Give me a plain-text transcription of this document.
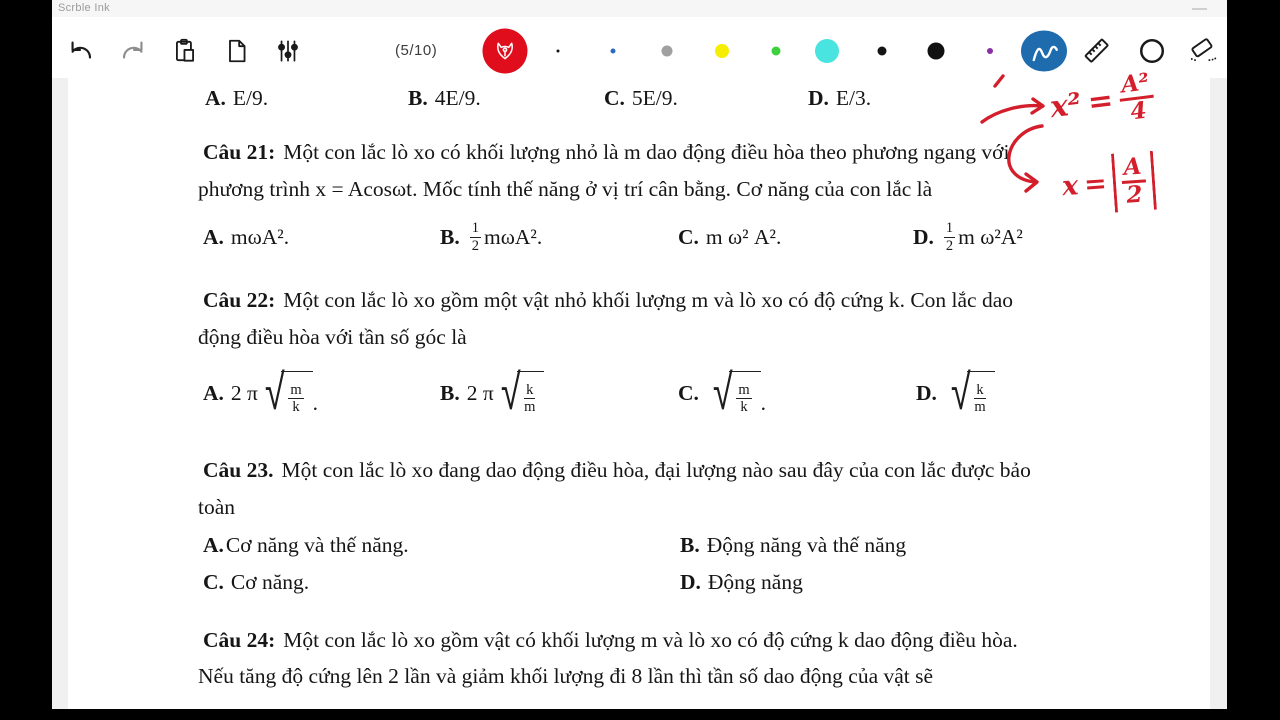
Scrble Ink
(5/10)
A. E/9.	B. 4E/9.	C. 5E/9.	D. E/3.
Câu 21: Một con lắc lò xo có khối lượng nhỏ là m dao động điều hòa theo phương ngang với
phương trình x = Acosωt. Mốc tính thế năng ở vị trí cân bằng. Cơ năng của con lắc là
A. mωA².	B. 1
2 mωA².	C. m ω² A².	D. 1
2 m ω²A²
Câu 22: Một con lắc lò xo gồm một vật nhỏ khối lượng m và lò xo có độ cứng k. Con lắc dao
động điều hòa với tần số góc là
A. 2 π √ $\frac{m}{k}$ .	B. 2 π √ $\frac{k}{m}$	C. √ $\frac{m}{k}$ .	D. √ $\frac{k}{m}$
Câu 23. Một con lắc lò xo đang dao động điều hòa, đại lượng nào sau đây của con lắc được bảo
toàn
A.Cơ năng và thế năng.	B. Động năng và thế năng
C. Cơ năng.	D. Động năng
Câu 24: Một con lắc lò xo gồm vật có khối lượng m và lò xo có độ cứng k dao động điều hòa.
Nếu tăng độ cứng lên 2 lần và giảm khối lượng đi 8 lần thì tần số dao động của vật sẽ
$x^2 = \frac{\text{A²}}{4}$
x =
A
2
